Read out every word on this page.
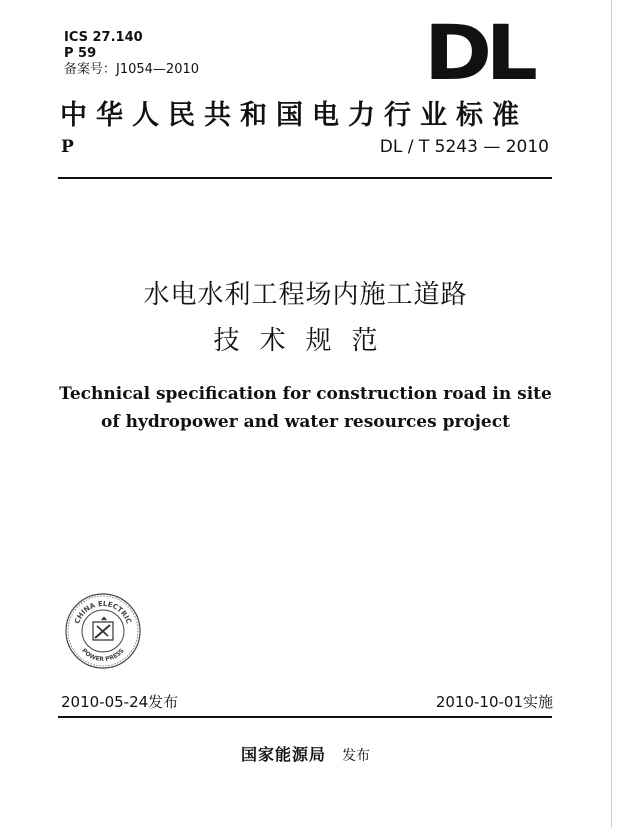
ICS 27.140
P 59
备案号：J1054—2010	DL
中华人民共和国电力行业标准
P	DL / T 5243 — 2010
水电水利工程场内施工道路
技术规范
Technical specification for construction road in site
of hydropower and water resources project
CHINA ELECTRIC
POWER PRESS
2010-05-24发布	2010-10-01实施
国家能源局 发布
